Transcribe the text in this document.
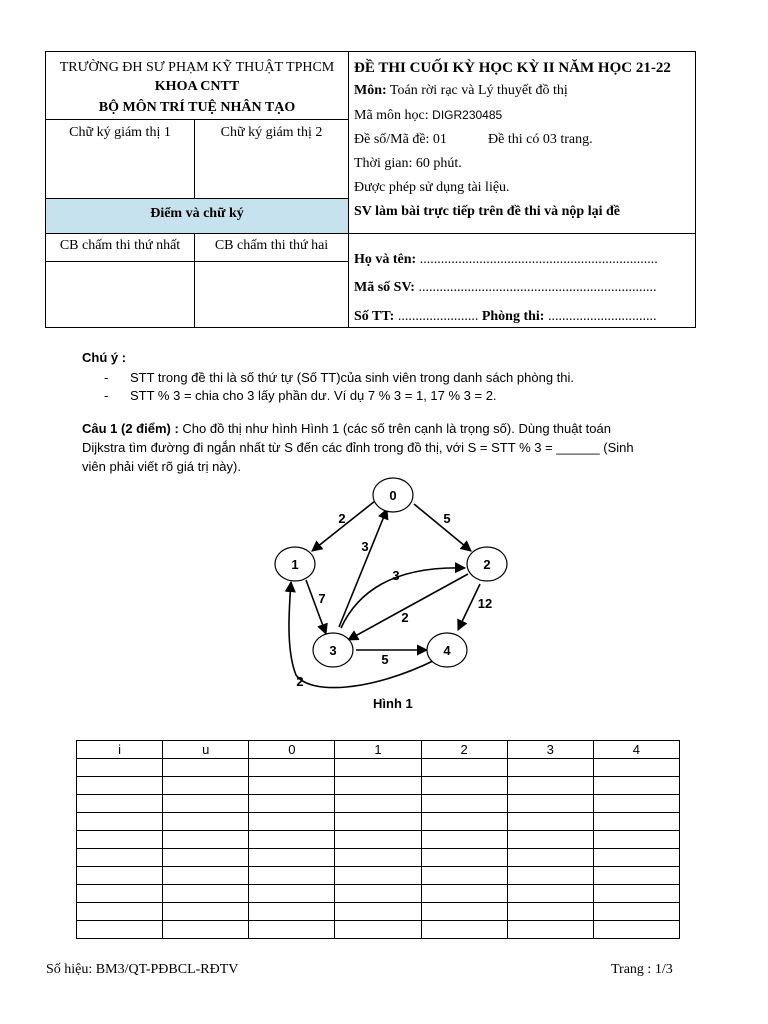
TRƯỜNG ĐH SƯ PHẠM KỸ THUẬT TPHCM
KHOA CNTT
BỘ MÔN TRÍ TUỆ NHÂN TẠO
Chữ ký giám thị 1	Chữ ký giám thị 2
Điểm và chữ ký
CB chấm thi thứ nhất	CB chấm thi thứ hai
ĐỀ THI CUỐI KỲ HỌC KỲ II NĂM HỌC 21-22
Môn: Toán rời rạc và Lý thuyết đồ thị
Mã môn học: DIGR230485
Đề số/Mã đề: 01	Đề thi có 03 trang.
Thời gian: 60 phút.
Được phép sử dụng tài liệu.
SV làm bài trực tiếp trên đề thi và nộp lại đề
Họ và tên: ....................................................................
Mã số SV: ....................................................................
Số TT: ....................... Phòng thi: ...............................
Chú ý :
- STT trong đề thi là số thứ tự (Số TT)của sinh viên trong danh sách phòng thi.
- STT % 3 = chia cho 3 lấy phần dư. Ví dụ 7 % 3 = 1, 17 % 3 = 2.
Câu 1 (2 điểm) : Cho đồ thị như hình Hình 1 (các số trên cạnh là trọng số). Dùng thuật toán
Dijkstra tìm đường đi ngắn nhất từ S đến các đỉnh trong đồ thị, với S = STT % 3 = ______ (Sinh
viên phải viết rõ giá trị này).
0
1	2
3	4
2	5
3
3
2
7	12
5
2
Hình 1
i	u	0	1	2	3	4

Số hiệu: BM3/QT-PĐBCL-RĐTV	Trang : 1/3
